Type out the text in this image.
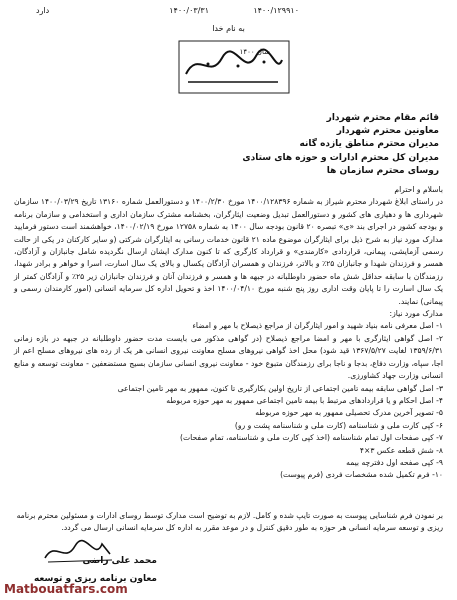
۱۴۰۰/۱۲۹۹۱۰
۱۴۰۰/۰۳/۳۱
دارد
به نام خدا
سال ۱۴۰۰
قائم مقام محترم شهردار
معاونین محترم شهردار
مدیران محترم مناطق یازده گانه
مدیران کل محترم ادارات و حوزه های ستادی
روسای محترم سازمان ها

باسلام و احترام

در راستای ابلاغ شهردار محترم شیراز به شماره ۱۴۰۰/۱۲۸۳۹۶ مورخ ۱۴۰۰/۲/۳۰ و دستورالعمل شماره ۱۳۱۶۰ تاریخ ۱۴۰۰/۰۳/۲۹ سازمان شهرداری ها و دهیاری های کشور و دستورالعمل تبدیل وضعیت ایثارگران، بخشنامه مشترک سازمان اداری و استخدامی و سازمان برنامه و بودجه کشور در اجرای بند «ی» تبصره ۲۰ قانون بودجه سال ۱۴۰۰ به شماره ۱۲۷۵۸ مورخ ۱۴۰۰/۰۲/۱۹، خواهشمند است دستور فرمایید مدارک مورد نیاز به شرح ذیل برای ایثارگران موضوع ماده ۲۱ قانون خدمات رسانی به ایثارگران شرکتی (و سایر کارکنان در یکی از حالت رسمی آزمایشی، پیمانی، قراردادی «کارمندی» و قرارداد کارگری که تا کنون مدارک ایشان ارسال نگردیده شامل جانبازان و آزادگان، همسر و فرزندان شهدا و جانبازان ۲۵٪ و بالاتر، فرزندان و همسران آزادگان یکسال و بالای یک سال اسارت، اسرا و خواهر و برادر شهدا، رزمندگان با سابقه حداقل شش ماه حضور داوطلبانه در جبهه ها و همسر و فرزندان آنان و فرزندان جانبازان زیر ۲۵٪ و آزادگان کمتر از یک سال اسارت را تا پایان وقت اداری روز پنج شنبه مورخ ۱۴۰۰/۰۴/۱۰ اخذ و تحویل اداره کل سرمایه انسانی (امور کارمندان رسمی و پیمانی) نمایند.

مدارک مورد نیاز:

۱- اصل معرفی نامه بنیاد شهید و امور ایثارگران از مراجع ذیصلاح با مهر و امضاء
۲- اصل گواهی ایثارگری با مهر و امضا مراجع ذیصلاح (در گواهی مذکور می بایست مدت حضور داوطلبانه در جبهه در بازه زمانی ۱۳۵۹/۶/۳۱ لغایت ۱۳۶۷/۵/۲۷ قید شود) محل اخذ گواهی نیروهای مسلح معاونت نیروی انسانی هر یک از رده های نیروهای مسلح اعم از اجا، سپاه، وزارت دفاع، بدجا و ناجا برای رزمندگان متبوع خود - معاونت نیروی انسانی سازمان بسیج مستضعفین - معاونت توسعه و منابع انسانی وزارت جهاد کشاورزی.
۳- اصل گواهی سابقه بیمه تامین اجتماعی از تاریخ اولین بکارگیری تا کنون، ممهور به مهر تامین اجتماعی
۴- اصل احکام و یا قراردادهای مرتبط با بیمه تامین اجتماعی ممهور به مهر حوزه مربوطه
۵- تصویر آخرین مدرک تحصیلی ممهور به مهر حوزه مربوطه
۶- کپی کارت ملی و شناسنامه (کارت ملی و شناسنامه پشت و رو)
۷- کپی صفحات اول تمام شناسنامه (اخذ کپی کارت ملی و شناسنامه، تمام صفحات)
۸- شش قطعه عکس ۳×۴
۹- کپی صفحه اول دفترچه بیمه
۱۰- فرم تکمیل شده مشخصات فردی (فرم پیوست)
بر نمودن فرم شناسایی پیوست به صورت تایپ شده و کامل. لازم به توضیح است مدارک توسط روسای ادارات و مسئولین محترم برنامه ریزی و توسعه سرمایه انسانی هر حوزه به طور دقیق کنترل و در موعد مقرر به اداره کل سرمایه انسانی ارسال می گردد.
محمد علی راضی
معاون برنامه ریزی و توسعه
Matbouatfars.com
